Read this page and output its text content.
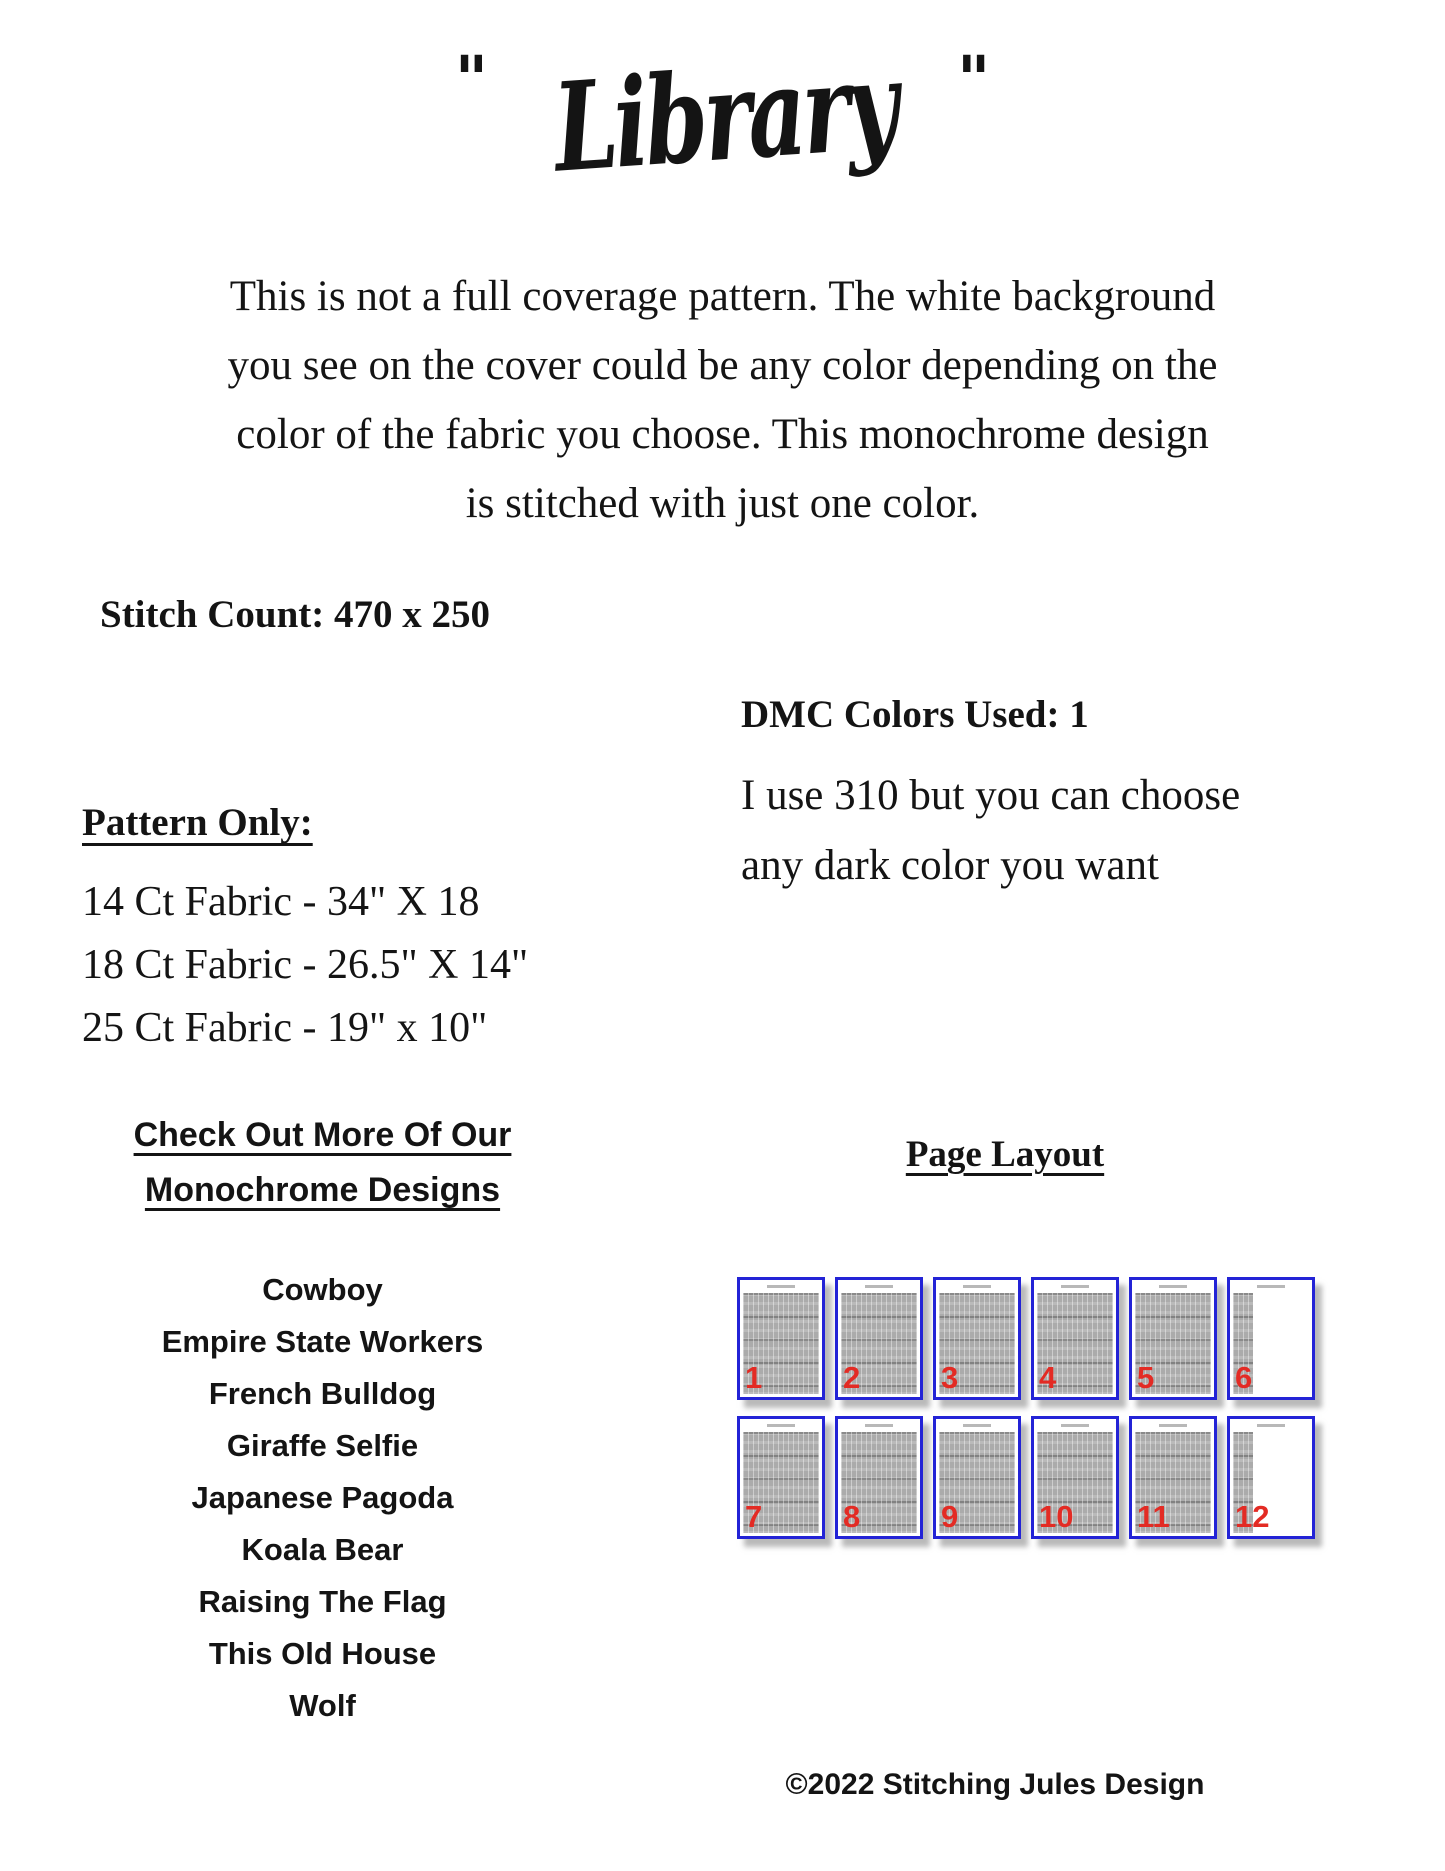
" Library "
This is not a full coverage pattern. The white background
you see on the cover could be any color depending on the
color of the fabric you choose. This monochrome design
is stitched with just one color.
Stitch Count: 470 x 250
DMC Colors Used: 1
I use 310 but you can choose
any dark color you want
Pattern Only:
14 Ct Fabric - 34" X 18
18 Ct Fabric - 26.5" X 14"
25 Ct Fabric - 19" x 10"
Check Out More Of Our
Monochrome Designs
Cowboy
Empire State Workers
French Bulldog
Giraffe Selfie
Japanese Pagoda
Koala Bear
Raising The Flag
This Old House
Wolf
Page Layout
1	2	3	4	5	6
7	8	9	10 11 12
©2022 Stitching Jules Design
